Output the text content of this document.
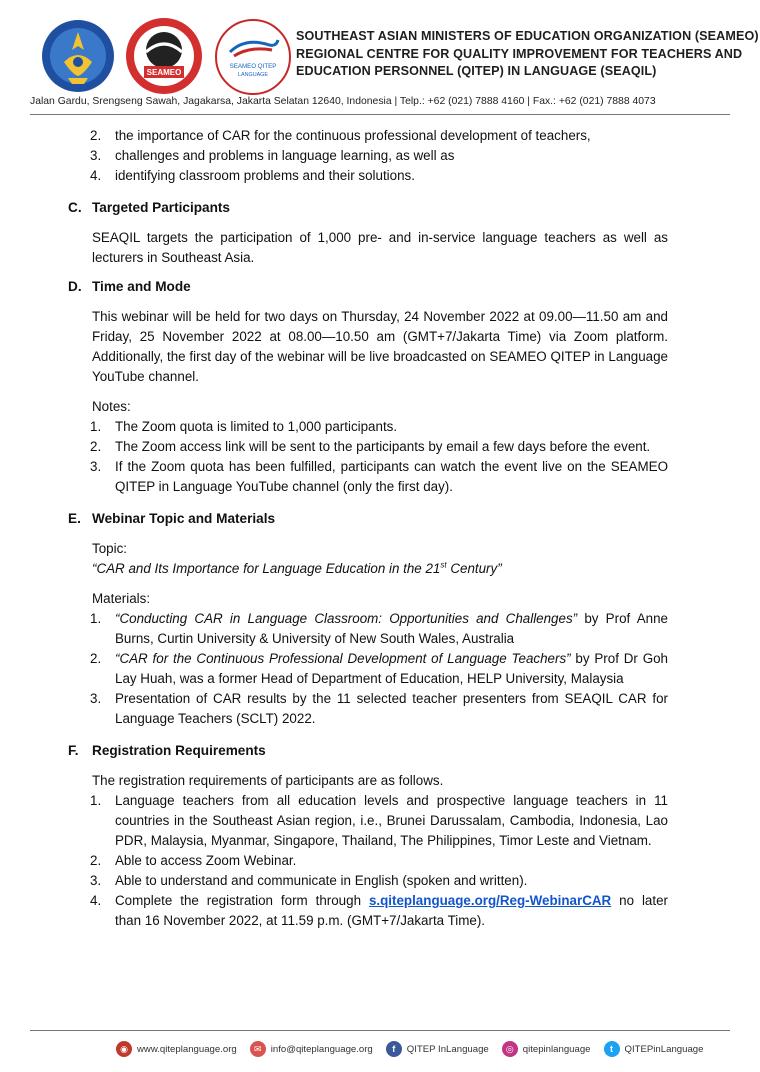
SEAMEO
SEAMEO QITEP
LANGUAGE
SOUTHEAST ASIAN MINISTERS OF EDUCATION ORGANIZATION (SEAMEO)
REGIONAL CENTRE FOR QUALITY IMPROVEMENT FOR TEACHERS AND
EDUCATION PERSONNEL (QITEP) IN LANGUAGE (SEAQIL)
Jalan Gardu, Srengseng Sawah, Jagakarsa, Jakarta Selatan 12640, Indonesia | Telp.: +62 (021) 7888 4160 | Fax.: +62 (021) 7888 4073
2.	the importance of CAR for the continuous professional development of teachers,
3.	challenges and problems in language learning, as well as
4.	identifying classroom problems and their solutions.
C. Targeted Participants
SEAQIL targets the participation of 1,000 pre- and in-service language teachers as well as lecturers in Southeast Asia.
D. Time and Mode
This webinar will be held for two days on Thursday, 24 November 2022 at 09.00—11.50 am and Friday, 25 November 2022 at 08.00—10.50 am (GMT+7/Jakarta Time) via Zoom platform. Additionally, the first day of the webinar will be live broadcasted on SEAMEO QITEP in Language YouTube channel.
Notes:
1.	The Zoom quota is limited to 1,000 participants.
2.	The Zoom access link will be sent to the participants by email a few days before the event.
3.	If the Zoom quota has been fulfilled, participants can watch the event live on the SEAMEO QITEP in Language YouTube channel (only the first day).
E. Webinar Topic and Materials
Topic:
“CAR and Its Importance for Language Education in the 21st Century”
Materials:
1.	“Conducting CAR in Language Classroom: Opportunities and Challenges” by Prof Anne Burns, Curtin University & University of New South Wales, Australia
2.	“CAR for the Continuous Professional Development of Language Teachers” by Prof Dr Goh Lay Huah, was a former Head of Department of Education, HELP University, Malaysia
3.	Presentation of CAR results by the 11 selected teacher presenters from SEAQIL CAR for Language Teachers (SCLT) 2022.
F. Registration Requirements
The registration requirements of participants are as follows.
1.	Language teachers from all education levels and prospective language teachers in 11 countries in the Southeast Asian region, i.e., Brunei Darussalam, Cambodia, Indonesia, Lao PDR, Malaysia, Myanmar, Singapore, Thailand, The Philippines, Timor Leste and Vietnam.
2.	Able to access Zoom Webinar.
3.	Able to understand and communicate in English (spoken and written).
4.	Complete the registration form through s.qiteplanguage.org/Reg-WebinarCAR no later than 16 November 2022, at 11.59 p.m. (GMT+7/Jakarta Time).
◉ www.qiteplanguage.org	✉ info@qiteplanguage.org	f	QITEP InLanguage	◎ qitepinlanguage	t	QITEPinLanguage
